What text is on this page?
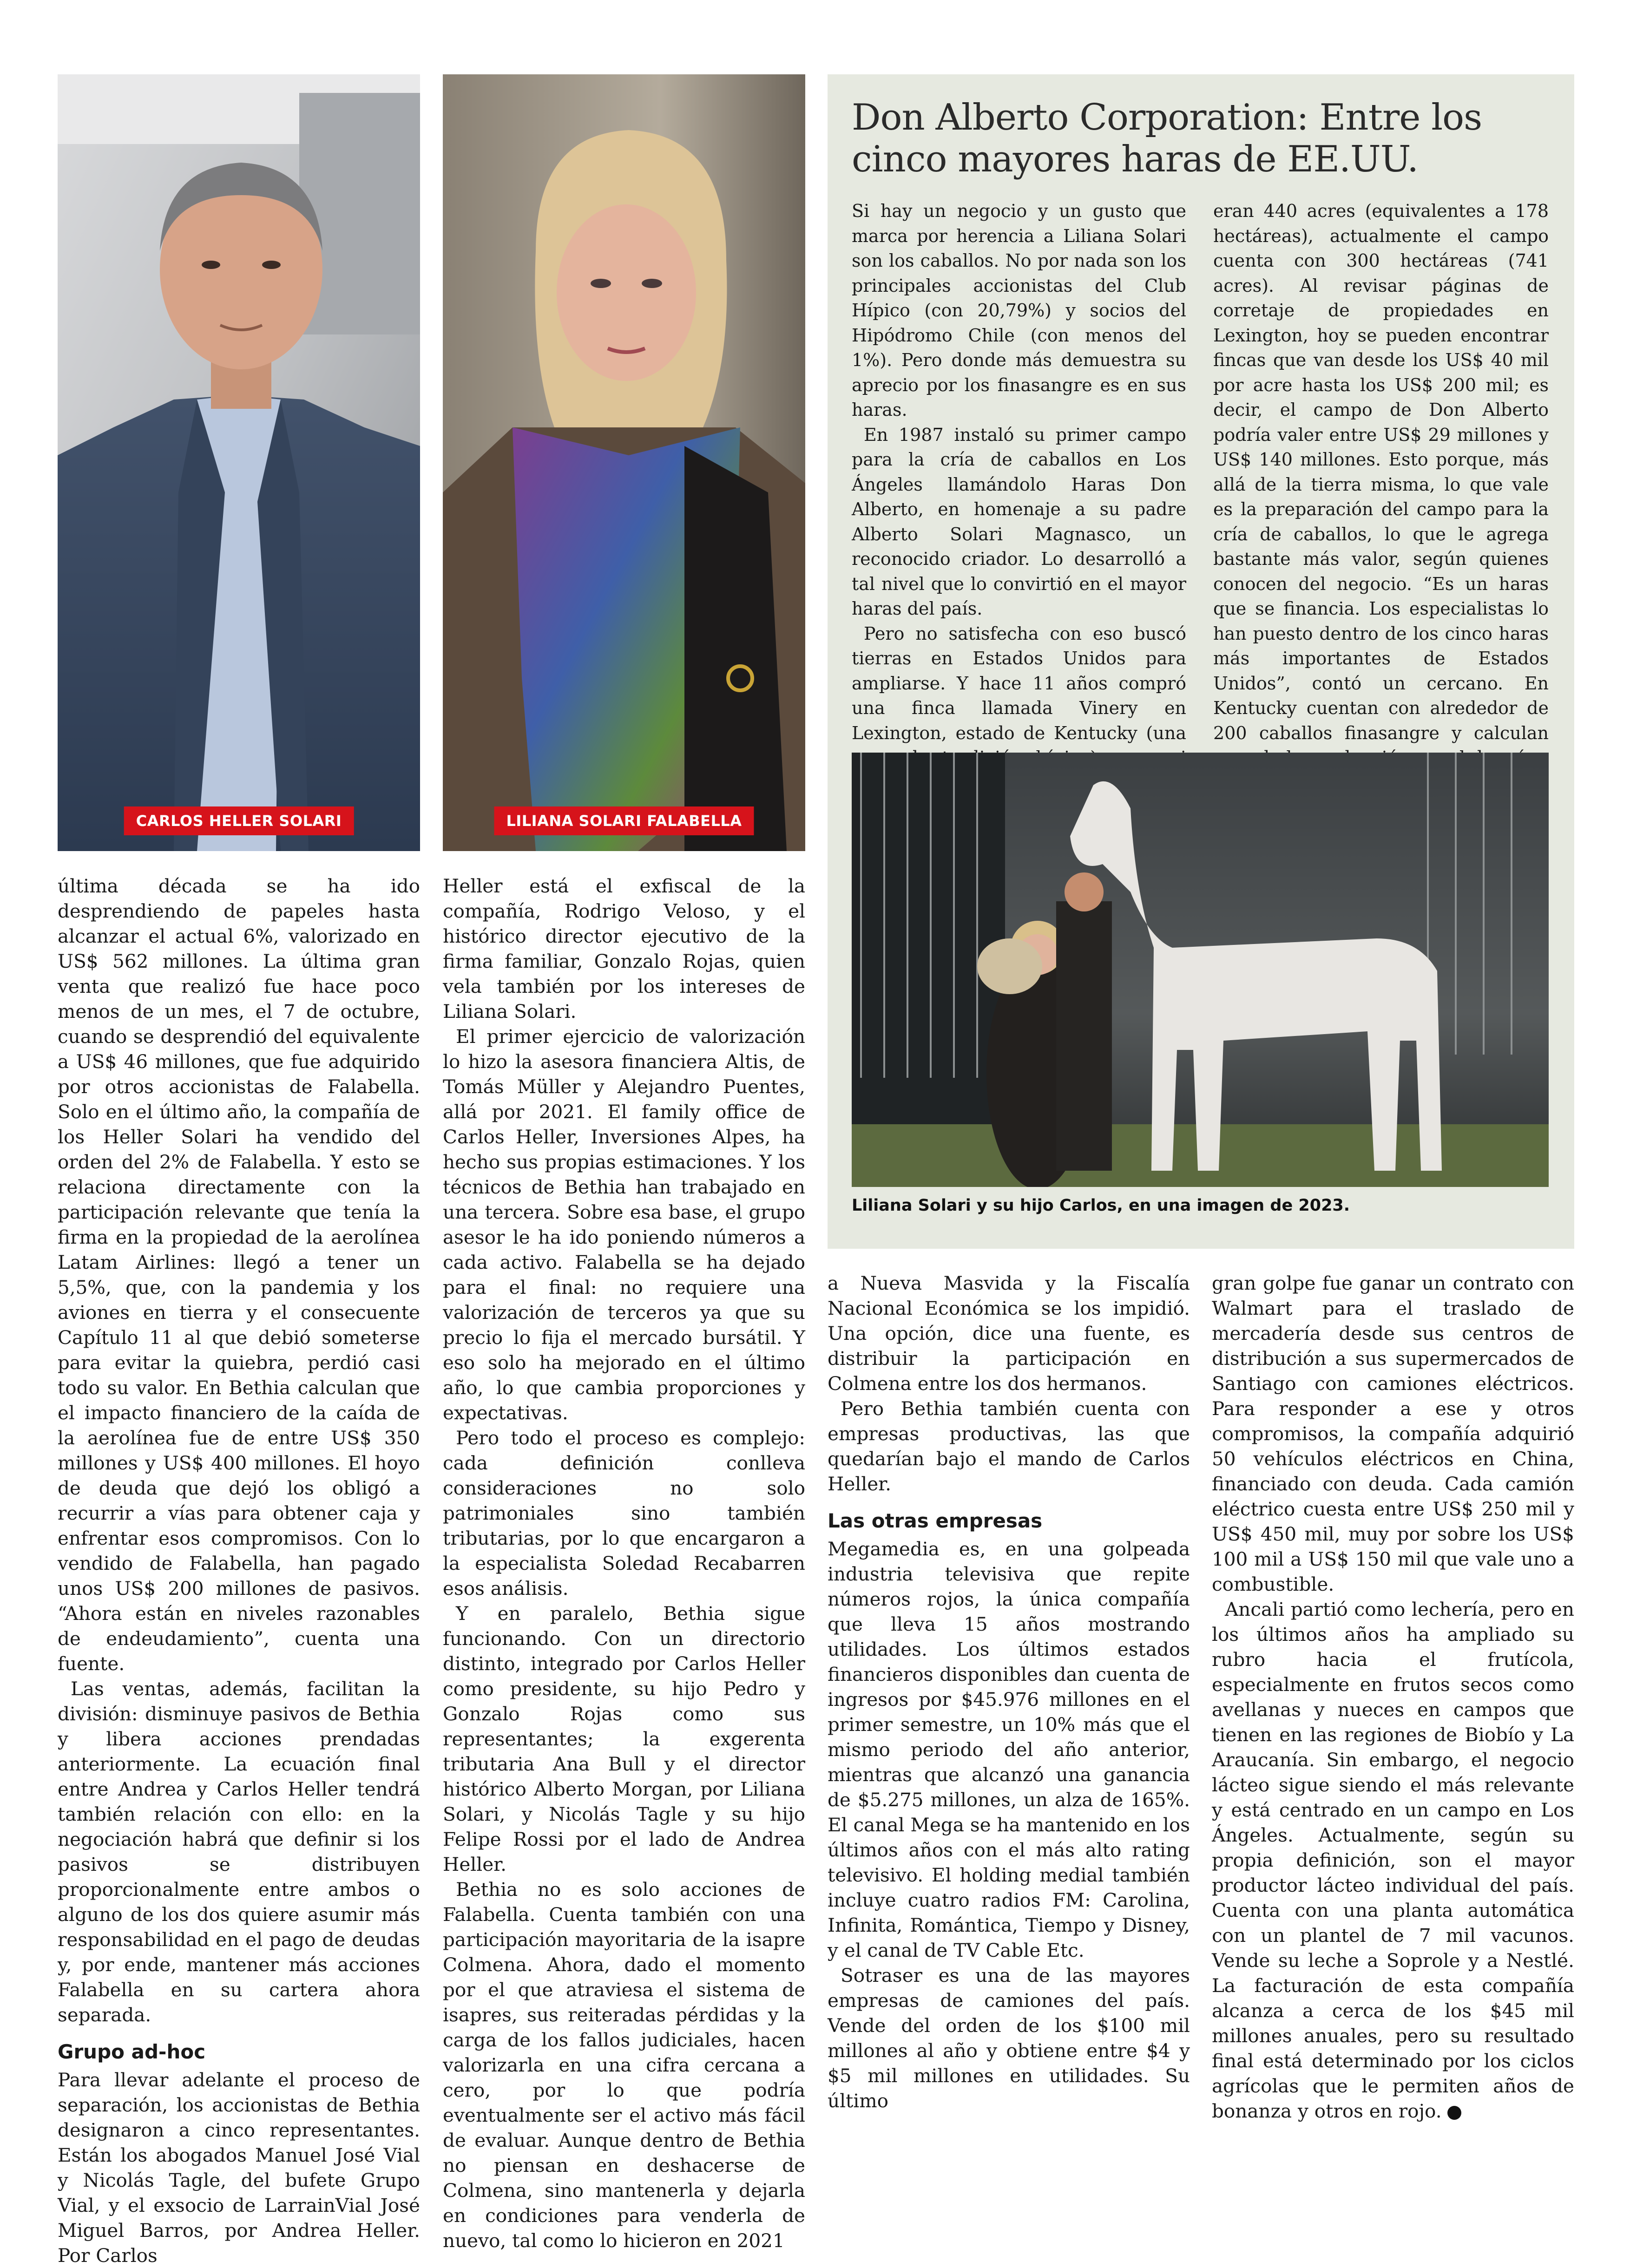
CARLOS HELLER SOLARI	LILIANA SOLARI FALABELLA
Don Alberto Corporation: Entre los cinco mayores haras de EE.UU.

Si hay un negocio y un gusto que marca por herencia a Liliana Solari son los caballos. No por nada son los principales accionistas del Club Hípico (con 20,79%) y socios del Hipódromo Chile (con menos del 1%). Pero donde más demuestra su aprecio por los finasangre es en sus haras.

En 1987 instaló su primer campo para la cría de caballos en Los Ángeles llamándolo Haras Don Alberto, en homenaje a su padre Alberto Solari Magnasco, un reconocido criador. Lo desarrolló a tal nivel que lo convirtió en el mayor haras del país.

Pero no satisfecha con eso buscó tierras en Estados Unidos para ampliarse. Y hace 11 años compró una finca llamada Vinery en Lexington, estado de Kentucky (una

eran 440 acres (equivalentes a 178 hectáreas), actualmente el campo cuenta con 300 hectáreas (741 acres). Al revisar páginas de corretaje de propiedades en Lexington, hoy se pueden encontrar fincas que van desde los US$ 40 mil por acre hasta los US$ 200 mil; es decir, el campo de Don Alberto podría valer entre US$ 29 millones y US$ 140 millones. Esto porque, más allá de la tierra misma, lo que vale es la preparación del campo para la cría de caballos, lo que le agrega bastante más valor, según quienes conocen del negocio. “Es un haras que se financia. Los especialistas lo han puesto dentro de los cinco haras más importantes de Estados Unidos”, contó un cercano. En Kentucky cuentan con alrededor de 200 caballos finasangre y calculan

Liliana Solari y su hijo Carlos, en una imagen de 2023.

última década se ha ido desprendiendo de papeles hasta alcanzar el actual 6%, valorizado en US$ 562 millones. La última gran venta que realizó fue hace poco menos de un mes, el 7 de octubre, cuando se desprendió del equivalente a US$ 46 millones, que fue adquirido por otros accionistas de Falabella. Solo en el último año, la compañía de los Heller Solari ha vendido del orden del 2% de Falabella. Y esto se relaciona directamente con la participación relevante que tenía la firma en la propiedad de la aerolínea Latam Airlines: llegó a tener un 5,5%, que, con la pandemia y los aviones en tierra y el consecuente Capítulo 11 al que debió someterse para evitar la quiebra, perdió casi todo su valor. En Bethia calculan que el impacto financiero de la caída de la aerolínea fue de entre US$ 350 millones y US$ 400 millones. El hoyo de deuda que dejó los obligó a recurrir a vías para obtener caja y enfrentar esos compromisos. Con lo vendido de Falabella, han pagado unos US$ 200 millones de pasivos. “Ahora están en niveles razonables de endeudamiento”, cuenta una fuente.

Las ventas, además, facilitan la división: disminuye pasivos de Bethia y libera acciones prendadas anteriormente. La ecuación final entre Andrea y Carlos Heller tendrá también relación con ello: en la negociación habrá que definir si los pasivos se distribuyen proporcionalmente entre ambos o alguno de los dos quiere asumir más responsabilidad en el pago de deudas y, por ende, mantener más acciones Falabella en su cartera ahora separada.

Grupo ad-hoc

Para llevar adelante el proceso de separación, los accionistas de Bethia designaron a cinco representantes. Están los abogados Manuel José Vial y Nicolás Tagle, del bufete Grupo Vial, y el exsocio de LarrainVial José Miguel Barros, por Andrea Heller. Por Carlos

Heller está el exfiscal de la compañía, Rodrigo Veloso, y el histórico director ejecutivo de la firma familiar, Gonzalo Rojas, quien vela también por los intereses de Liliana Solari.

El primer ejercicio de valorización lo hizo la asesora financiera Altis, de Tomás Müller y Alejandro Puentes, allá por 2021. El family office de Carlos Heller, Inversiones Alpes, ha hecho sus propias estimaciones. Y los técnicos de Bethia han trabajado en una tercera. Sobre esa base, el grupo asesor le ha ido poniendo números a cada activo. Falabella se ha dejado para el final: no requiere una valorización de terceros ya que su precio lo fija el mercado bursátil. Y eso solo ha mejorado en el último año, lo que cambia proporciones y expectativas.

Pero todo el proceso es complejo: cada definición conlleva consideraciones no solo patrimoniales sino también tributarias, por lo que encargaron a la especialista Soledad Recabarren esos análisis.

Y en paralelo, Bethia sigue funcionando. Con un directorio distinto, integrado por Carlos Heller como presidente, su hijo Pedro y Gonzalo Rojas como sus representantes; la exgerenta tributaria Ana Bull y el director histórico Alberto Morgan, por Liliana Solari, y Nicolás Tagle y su hijo Felipe Rossi por el lado de Andrea Heller.

Bethia no es solo acciones de Falabella. Cuenta también con una participación mayoritaria de la isapre Colmena. Ahora, dado el momento por el que atraviesa el sistema de isapres, sus reiteradas pérdidas y la carga de los fallos judiciales, hacen valorizarla en una cifra cercana a cero, por lo que podría eventualmente ser el activo más fácil de evaluar. Aunque dentro de Bethia no piensan en deshacerse de Colmena, sino mantenerla y dejarla en condiciones para venderla de nuevo, tal como lo hicieron en 2021

a Nueva Masvida y la Fiscalía Nacional Económica se los impidió. Una opción, dice una fuente, es distribuir la participación en Colmena entre los dos hermanos.

Pero Bethia también cuenta con empresas productivas, las que quedarían bajo el mando de Carlos Heller.

Las otras empresas

Megamedia es, en una golpeada industria televisiva que repite números rojos, la única compañía que lleva 15 años mostrando utilidades. Los últimos estados financieros disponibles dan cuenta de ingresos por $45.976 millones en el primer semestre, un 10% más que el mismo periodo del año anterior, mientras que alcanzó una ganancia de $5.275 millones, un alza de 165%. El canal Mega se ha mantenido en los últimos años con el más alto rating televisivo. El holding medial también incluye cuatro radios FM: Carolina, Infinita, Romántica, Tiempo y Disney, y el canal de TV Cable Etc.

Sotraser es una de las mayores empresas de camiones del país. Vende del orden de los $100 mil millones al año y obtiene entre $4 y $5 mil millones en utilidades. Su último

gran golpe fue ganar un contrato con Walmart para el traslado de mercadería desde sus centros de distribución a sus supermercados de Santiago con camiones eléctricos. Para responder a ese y otros compromisos, la compañía adquirió 50 vehículos eléctricos en China, financiado con deuda. Cada camión eléctrico cuesta entre US$ 250 mil y US$ 450 mil, muy por sobre los US$ 100 mil a US$ 150 mil que vale uno a combustible.

Ancali partió como lechería, pero en los últimos años ha ampliado su rubro hacia el frutícola, especialmente en frutos secos como avellanas y nueces en campos que tienen en las regiones de Biobío y La Araucanía. Sin embargo, el negocio lácteo sigue siendo el más relevante y está centrado en un campo en Los Ángeles. Actualmente, según su propia definición, son el mayor productor lácteo individual del país. Cuenta con una planta automática con un plantel de 7 mil vacunos. Vende su leche a Soprole y a Nestlé. La facturación de esta compañía alcanza a cerca de los $45 mil millones anuales, pero su resultado final está determinado por los ciclos agrícolas que le permiten años de bonanza y otros en rojo. P
